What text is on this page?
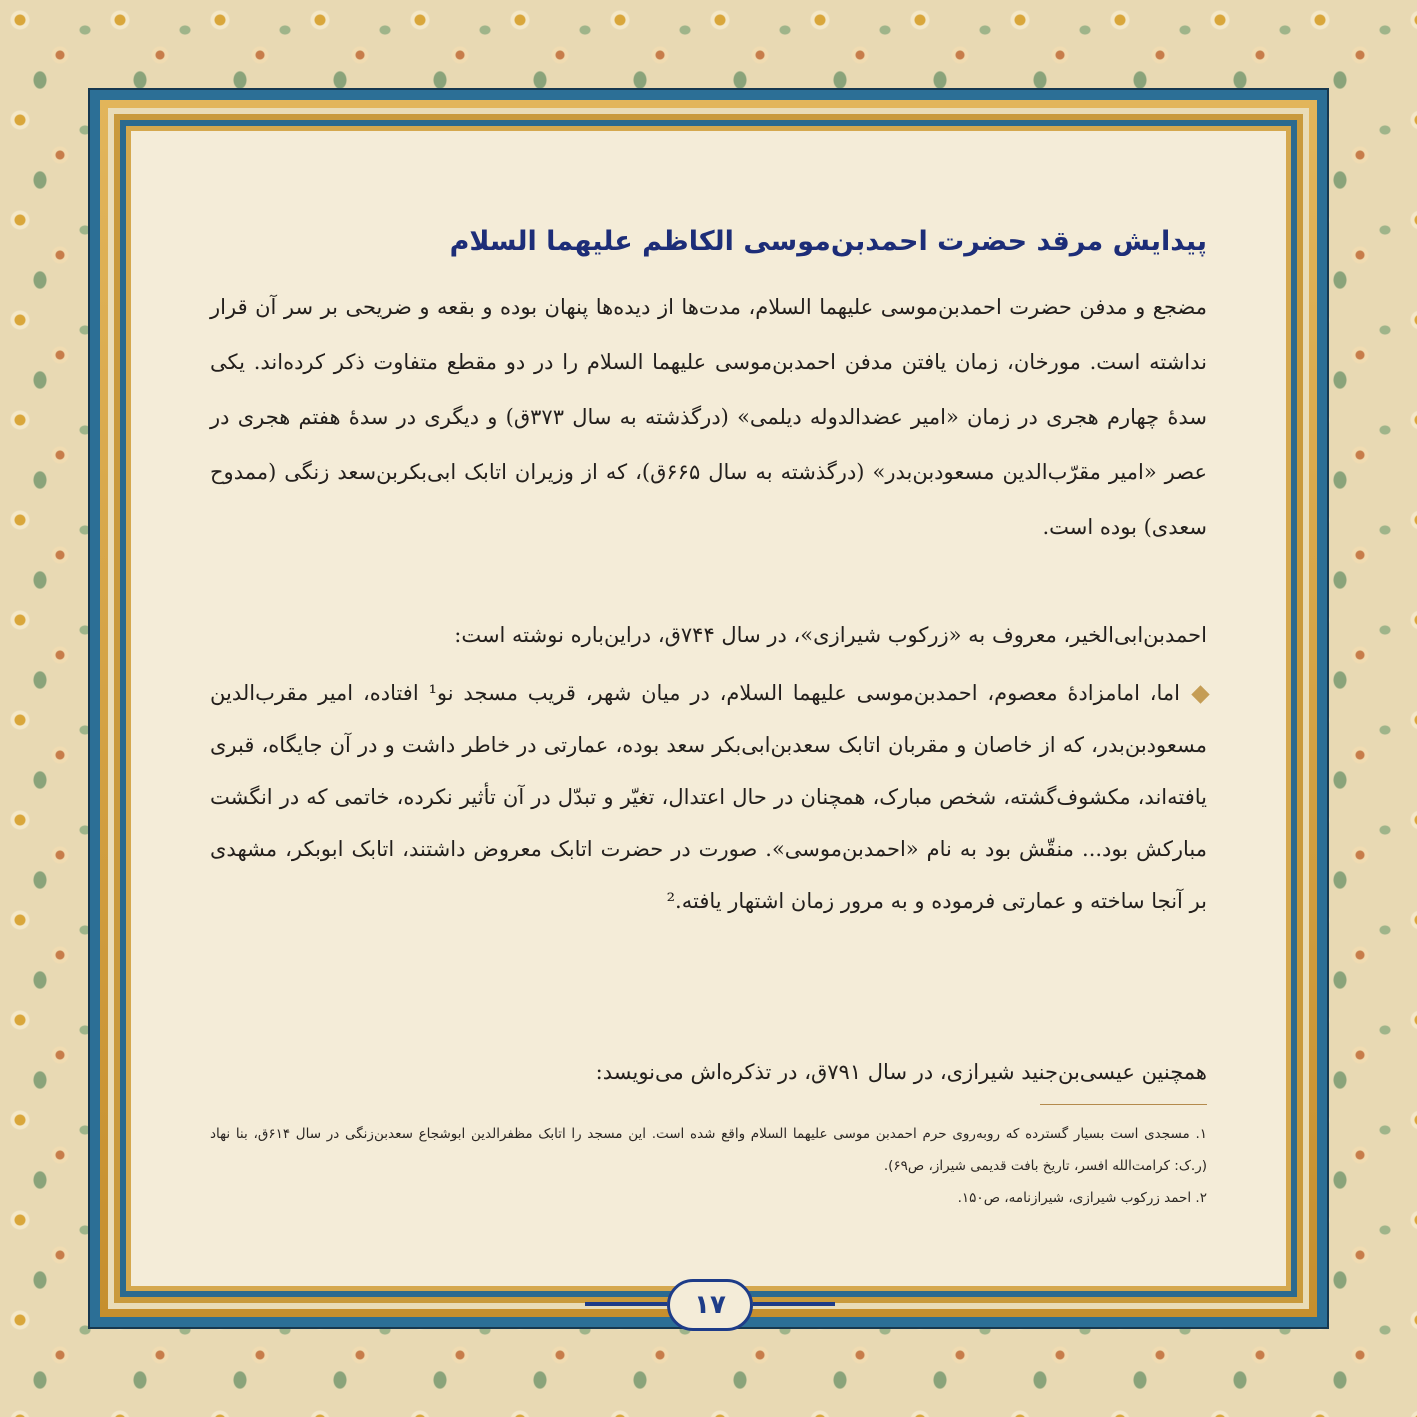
پیدایش مرقد حضرت احمدبن‌موسی الکاظم علیهما السلام
مضجع و مدفن حضرت احمدبن‌موسی علیهما السلام، مدت‌ها از دیده‌ها پنهان بوده و بقعه و ضریحی بر سر آن قرار نداشته است. مورخان، زمان یافتن مدفن احمدبن‌موسی علیهما السلام را در دو مقطع متفاوت ذکر کرده‌اند. یکی سدهٔ چهارم هجری در زمان «امیر عضدالدوله دیلمی» (درگذشته به سال ۳۷۳ق) و دیگری در سدهٔ هفتم هجری در عصر «امیر مقرّب‌الدین مسعودبن‌بدر» (درگذشته به سال ۶۶۵ق)، که از وزیران اتابک ابی‌بکربن‌سعد زنگی (ممدوح سعدی) بوده است.
احمدبن‌ابی‌الخیر، معروف به «زرکوب شیرازی»، در سال ۷۴۴ق، دراین‌باره نوشته است:
اما، امامزادهٔ معصوم، احمدبن‌موسی علیهما السلام، در میان شهر، قریب مسجد نو¹ افتاده، امیر مقرب‌الدین مسعودبن‌بدر، که از خاصان و مقربان اتابک سعدبن‌ابی‌بکر سعد بوده، عمارتی در خاطر داشت و در آن جایگاه، قبری یافته‌اند، مکشوف‌گشته، شخص مبارک، همچنان در حال اعتدال، تغیّر و تبدّل در آن تأثیر نکرده، خاتمی که در انگشت مبارکش بود... منقّش بود به نام «احمدبن‌موسی». صورت در حضرت اتابک معروض داشتند، اتابک ابوبکر، مشهدی بر آنجا ساخته و عمارتی فرموده و به مرور زمان اشتهار یافته.²
همچنین عیسی‌بن‌جنید شیرازی، در سال ۷۹۱ق، در تذکره‌اش می‌نویسد:
۱. مسجدی است بسیار گسترده که روبه‌روی حرم احمدبن موسی علیهما السلام واقع شده است. این مسجد را اتابک مظفرالدین ابوشجاع سعدبن‌زنگی در سال ۶۱۴ق، بنا نهاد (ر.ک: کرامت‌الله افسر، تاریخ بافت قدیمی شیراز، ص۶۹).
۲. احمد زرکوب شیرازی، شیرازنامه، ص۱۵۰.
۱۷
